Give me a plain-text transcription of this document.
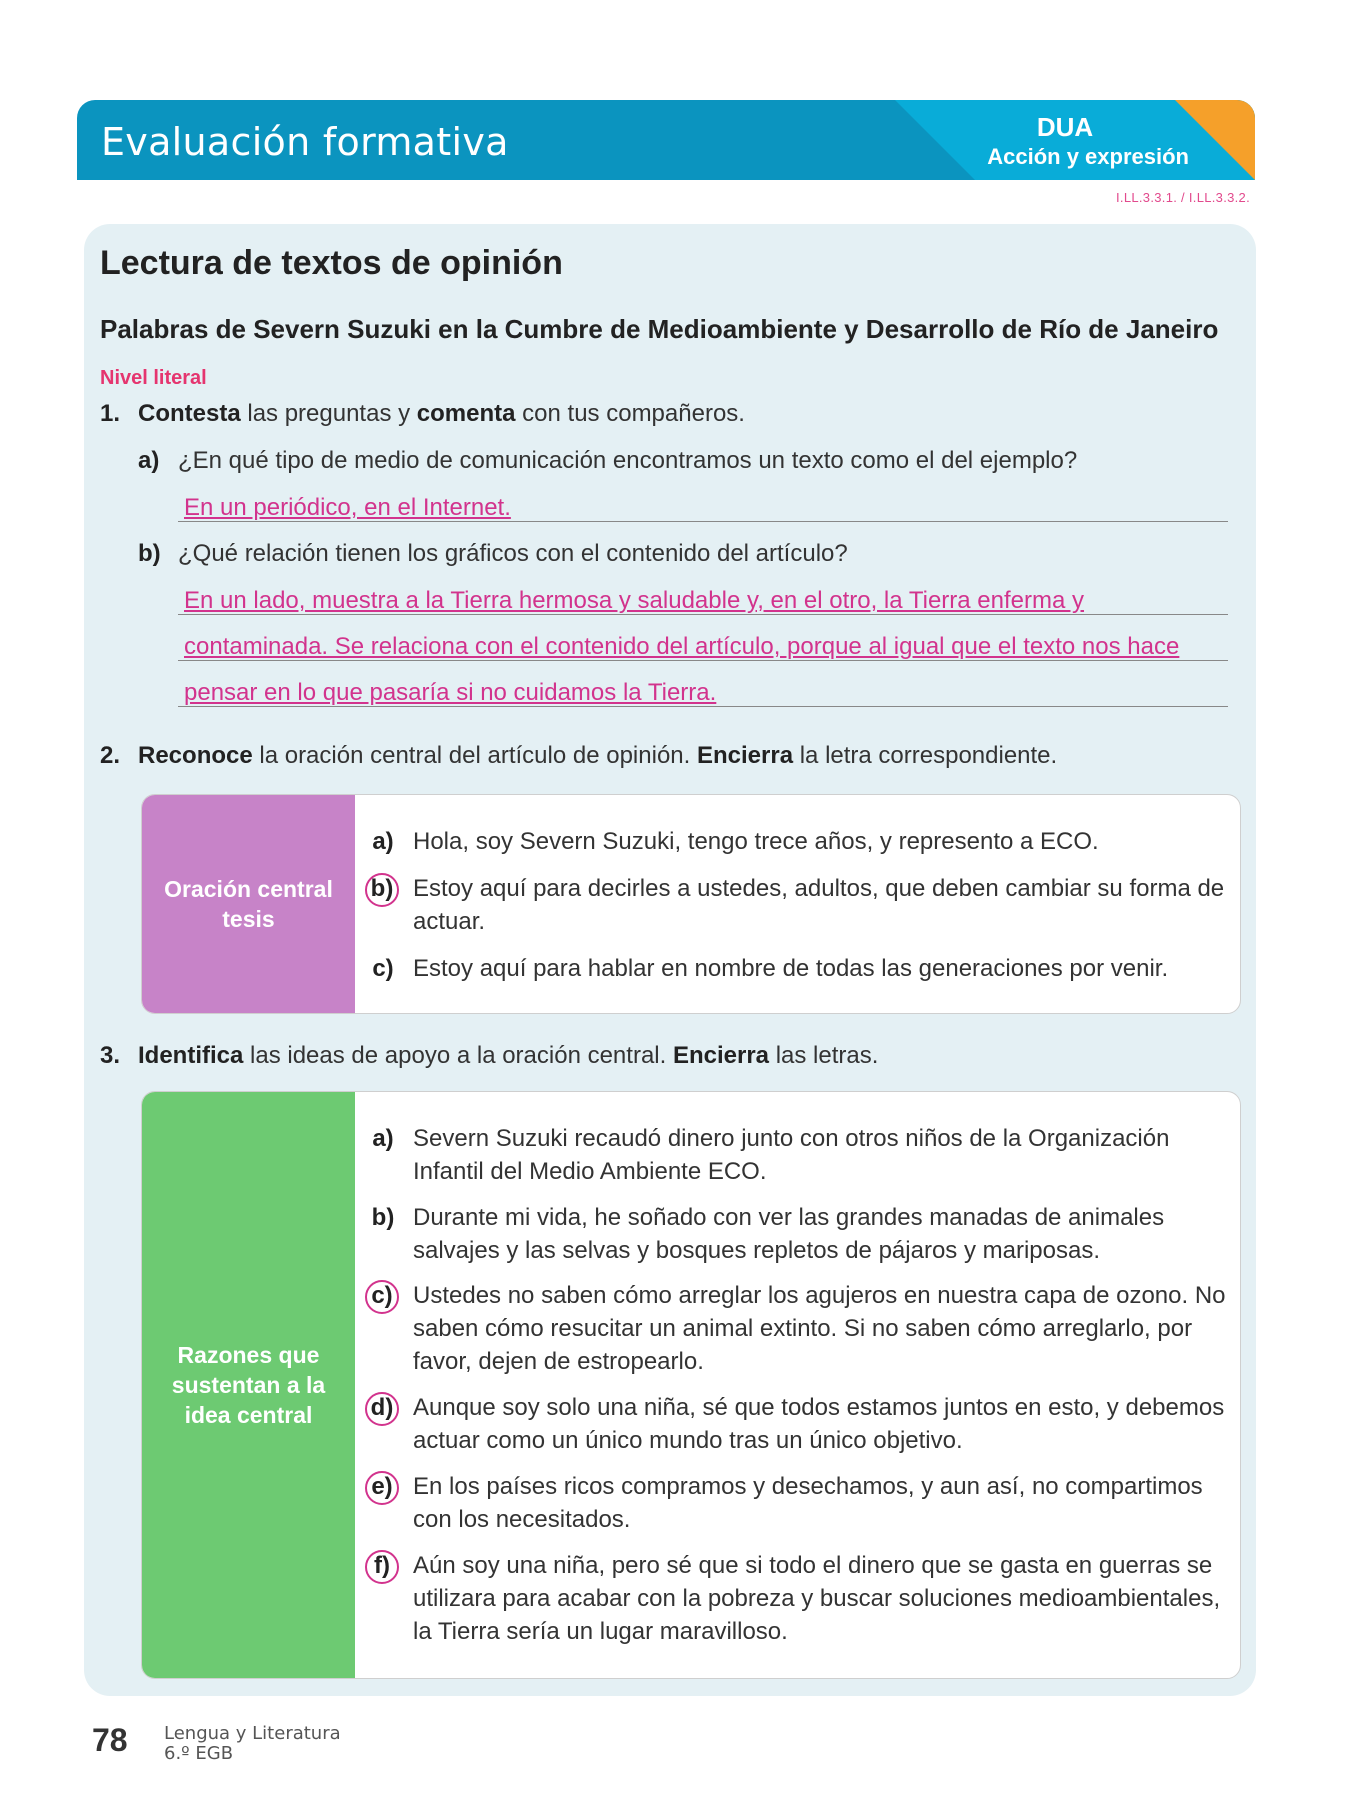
Evaluación formativa	DUA
Acción y expresión
I.LL.3.3.1. / I.LL.3.3.2.
Lectura de textos de opinión
Palabras de Severn Suzuki en la Cumbre de Medioambiente y Desarrollo de Río de Janeiro
Nivel literal
1. Contesta las preguntas y comenta con tus compañeros.
a) ¿En qué tipo de medio de comunicación encontramos un texto como el del ejemplo?
En un periódico, en el Internet.
b) ¿Qué relación tienen los gráficos con el contenido del artículo?
En un lado, muestra a la Tierra hermosa y saludable y, en el otro, la Tierra enferma y
contaminada. Se relaciona con el contenido del artículo, porque al igual que el texto nos hace
pensar en lo que pasaría si no cuidamos la Tierra.
2. Reconoce la oración central del artículo de opinión. Encierra la letra correspondiente.
Oración central
tesis
a) Hola, soy Severn Suzuki, tengo trece años, y represento a ECO.
b) Estoy aquí para decirles a ustedes, adultos, que deben cambiar su forma de actuar.
c) Estoy aquí para hablar en nombre de todas las generaciones por venir.
3. Identifica las ideas de apoyo a la oración central. Encierra las letras.
Razones que
sustentan a la
idea central
a) Severn Suzuki recaudó dinero junto con otros niños de la Organización Infantil del Medio Ambiente ECO.
b) Durante mi vida, he soñado con ver las grandes manadas de animales salvajes y las selvas y bosques repletos de pájaros y mariposas.
c) Ustedes no saben cómo arreglar los agujeros en nuestra capa de ozono. No saben cómo resucitar un animal extinto. Si no saben cómo arreglarlo, por favor, dejen de estropearlo.
d) Aunque soy solo una niña, sé que todos estamos juntos en esto, y debemos actuar como un único mundo tras un único objetivo.
e) En los países ricos compramos y desechamos, y aun así, no compartimos con los necesitados.
f) Aún soy una niña, pero sé que si todo el dinero que se gasta en guerras se utilizara para acabar con la pobreza y buscar soluciones medioambientales, la Tierra sería un lugar maravilloso.
78 Lengua y Literatura
6.º EGB
